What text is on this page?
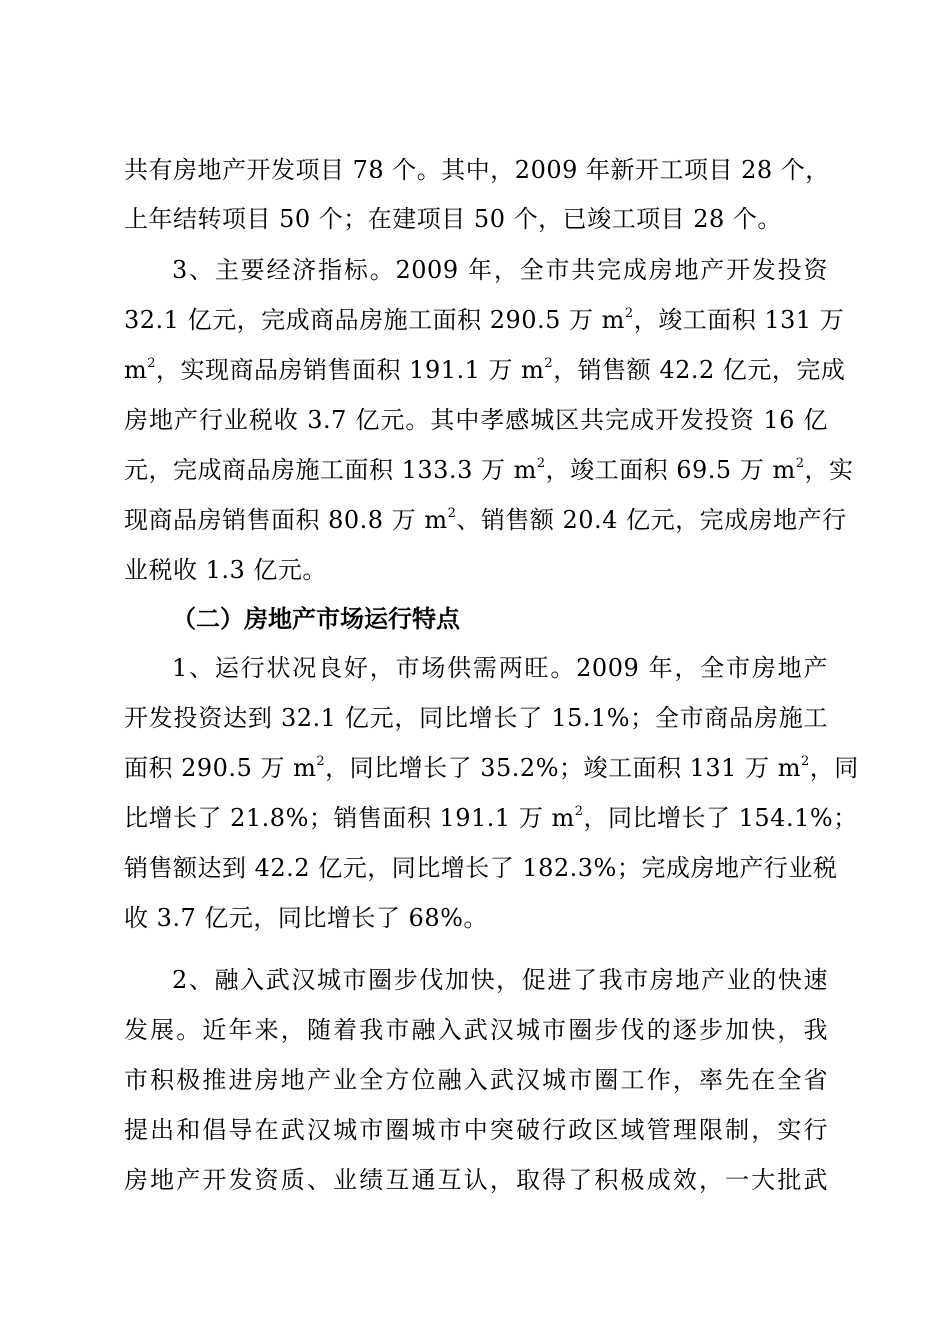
共有房地产开发项目 78 个。其中，2009 年新开工项目 28 个，
上年结转项目 50 个；在建项目 50 个，已竣工项目 28 个。
3、主要经济指标。2009 年，全市共完成房地产开发投资
32.1 亿元，完成商品房施工面积 290.5 万 $m^2$，竣工面积 131 万
$m^2$，实现商品房销售面积 191.1 万 $m^2$，销售额 42.2 亿元，完成
房地产行业税收 3.7 亿元。其中孝感城区共完成开发投资 16 亿
元，完成商品房施工面积 133.3 万 $m^2$，竣工面积 69.5 万 $m^2$，实
现商品房销售面积 80.8 万 $m^2$、销售额 20.4 亿元，完成房地产行
业税收 1.3 亿元。
（二）房地产市场运行特点
1、运行状况良好，市场供需两旺。2009 年，全市房地产
开发投资达到 32.1 亿元，同比增长了 15.1%；全市商品房施工
面积 290.5 万 $m^2$，同比增长了 35.2%；竣工面积 131 万 $m^2$，同
比增长了 21.8%；销售面积 191.1 万 $m^2$，同比增长了 154.1%；
销售额达到 42.2 亿元，同比增长了 182.3%；完成房地产行业税
收 3.7 亿元，同比增长了 68%。
2、融入武汉城市圈步伐加快，促进了我市房地产业的快速
发展。近年来，随着我市融入武汉城市圈步伐的逐步加快，我
市积极推进房地产业全方位融入武汉城市圈工作，率先在全省
提出和倡导在武汉城市圈城市中突破行政区域管理限制，实行
房地产开发资质、业绩互通互认，取得了积极成效，一大批武
